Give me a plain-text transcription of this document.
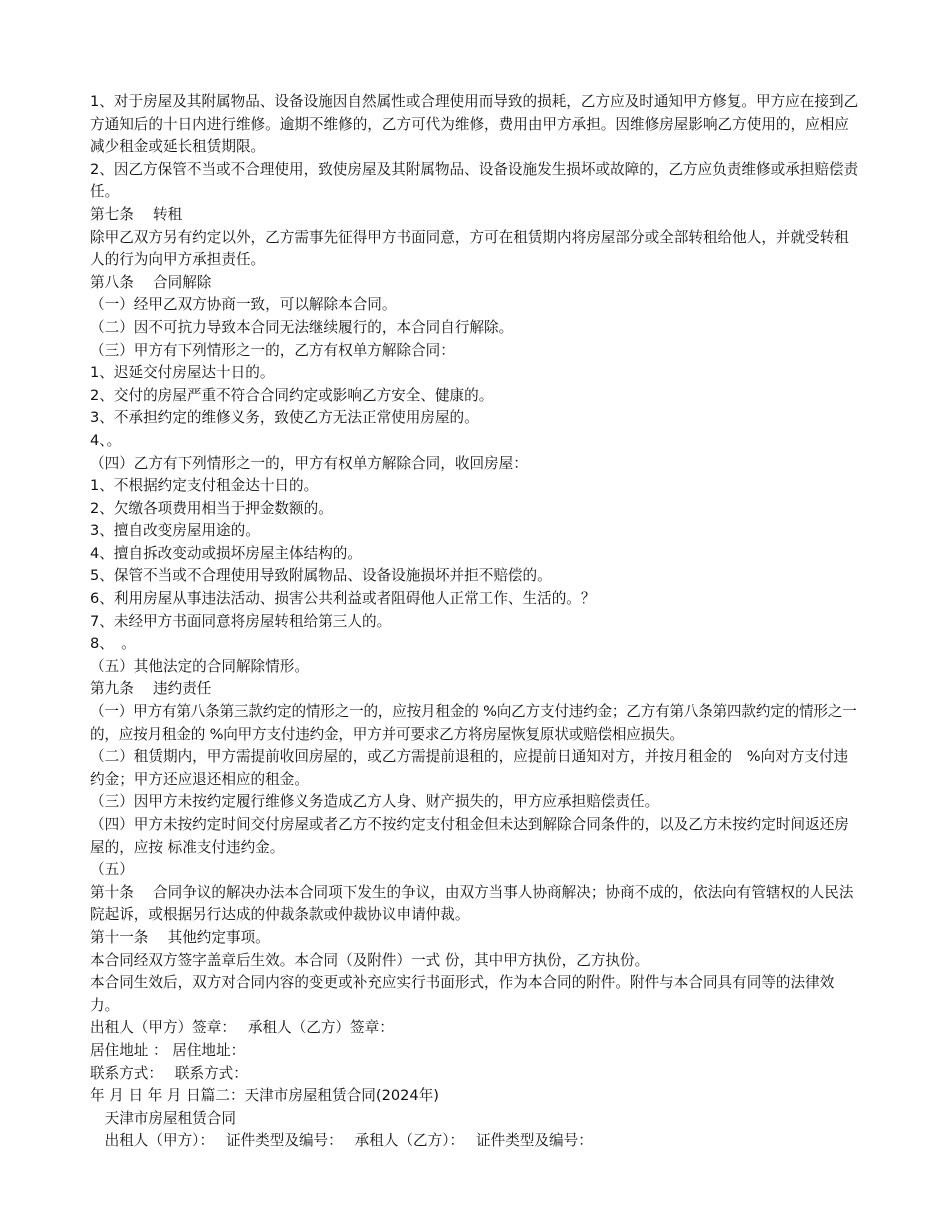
1、对于房屋及其附属物品、设备设施因自然属性或合理使用而导致的损耗，乙方应及时通知甲方修复。甲方应在接到乙方通知后的十日内进行维修。逾期不维修的，乙方可代为维修，费用由甲方承担。因维修房屋影响乙方使用的，应相应减少租金或延长租赁期限。

2、因乙方保管不当或不合理使用，致使房屋及其附属物品、设备设施发生损坏或故障的，乙方应负责维修或承担赔偿责任。

第七条　 转租

除甲乙双方另有约定以外，乙方需事先征得甲方书面同意，方可在租赁期内将房屋部分或全部转租给他人，并就受转租人的行为向甲方承担责任。

第八条　 合同解除

（一）经甲乙双方协商一致，可以解除本合同。

（二）因不可抗力导致本合同无法继续履行的，本合同自行解除。

（三）甲方有下列情形之一的，乙方有权单方解除合同：

1、迟延交付房屋达十日的。

2、交付的房屋严重不符合合同约定或影响乙方安全、健康的。

3、不承担约定的维修义务，致使乙方无法正常使用房屋的。

4、。

（四）乙方有下列情形之一的，甲方有权单方解除合同，收回房屋：

1、不根据约定支付租金达十日的。

2、欠缴各项费用相当于押金数额的。

3、擅自改变房屋用途的。

4、擅自拆改变动或损坏房屋主体结构的。

5、保管不当或不合理使用导致附属物品、设备设施损坏并拒不赔偿的。

6、利用房屋从事违法活动、损害公共利益或者阻碍他人正常工作、生活的。？

7、未经甲方书面同意将房屋转租给第三人的。

8、　。

（五）其他法定的合同解除情形。

第九条　 违约责任

（一）甲方有第八条第三款约定的情形之一的，应按月租金的 %向乙方支付违约金；乙方有第八条第四款约定的情形之一的，应按月租金的 %向甲方支付违约金，甲方并可要求乙方将房屋恢复原状或赔偿相应损失。

（二）租赁期内，甲方需提前收回房屋的，或乙方需提前退租的，应提前日通知对方，并按月租金的　%向对方支付违约金；甲方还应退还相应的租金。

（三）因甲方未按约定履行维修义务造成乙方人身、财产损失的，甲方应承担赔偿责任。

（四）甲方未按约定时间交付房屋或者乙方不按约定支付租金但未达到解除合同条件的，以及乙方未按约定时间返还房屋的，应按 标准支付违约金。

（五）

第十条　 合同争议的解决办法本合同项下发生的争议，由双方当事人协商解决；协商不成的，依法向有管辖权的人民法院起诉，或根据另行达成的仲裁条款或仲裁协议申请仲裁。

第十一条　 其他约定事项。

本合同经双方签字盖章后生效。本合同（及附件）一式 份，其中甲方执份，乙方执份。

本合同生效后，双方对合同内容的变更或补充应实行书面形式，作为本合同的附件。附件与本合同具有同等的法律效力。

出租人（甲方）签章：　 承租人（乙方）签章：

居住地址 ： 居住地址：

联系方式：　 联系方式：

年 月 日 年 月 日篇二：天津市房屋租赁合同(2024年)

　天津市房屋租赁合同

　出租人（甲方）：　 证件类型及编号：　 承租人（乙方）：　 证件类型及编号：
